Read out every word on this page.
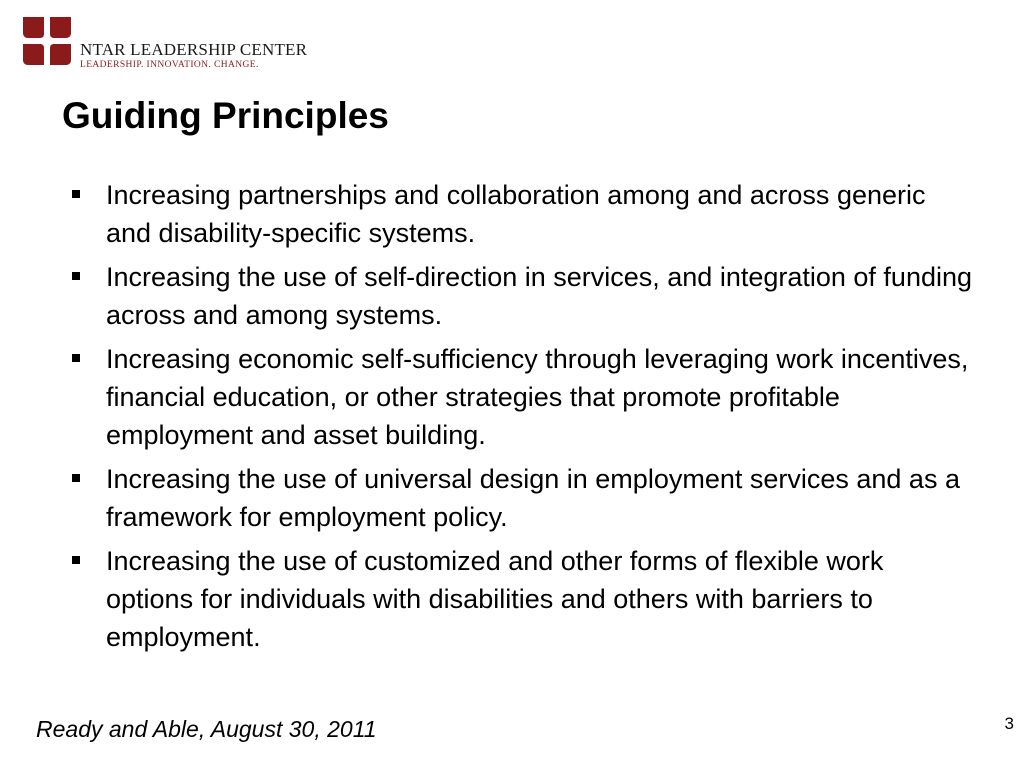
NTAR LEADERSHIP CENTER
LEADERSHIP. INNOVATION. CHANGE.
Guiding Principles
Increasing partnerships and collaboration among and across generic and disability-specific systems.
Increasing the use of self-direction in services, and integration of funding across and among systems.
Increasing economic self-sufficiency through leveraging work incentives, financial education, or other strategies that promote profitable employment and asset building.
Increasing the use of universal design in employment services and as a framework for employment policy.
Increasing the use of customized and other forms of flexible work options for individuals with disabilities and others with barriers to employment.
Ready and Able, August 30, 2011	3
